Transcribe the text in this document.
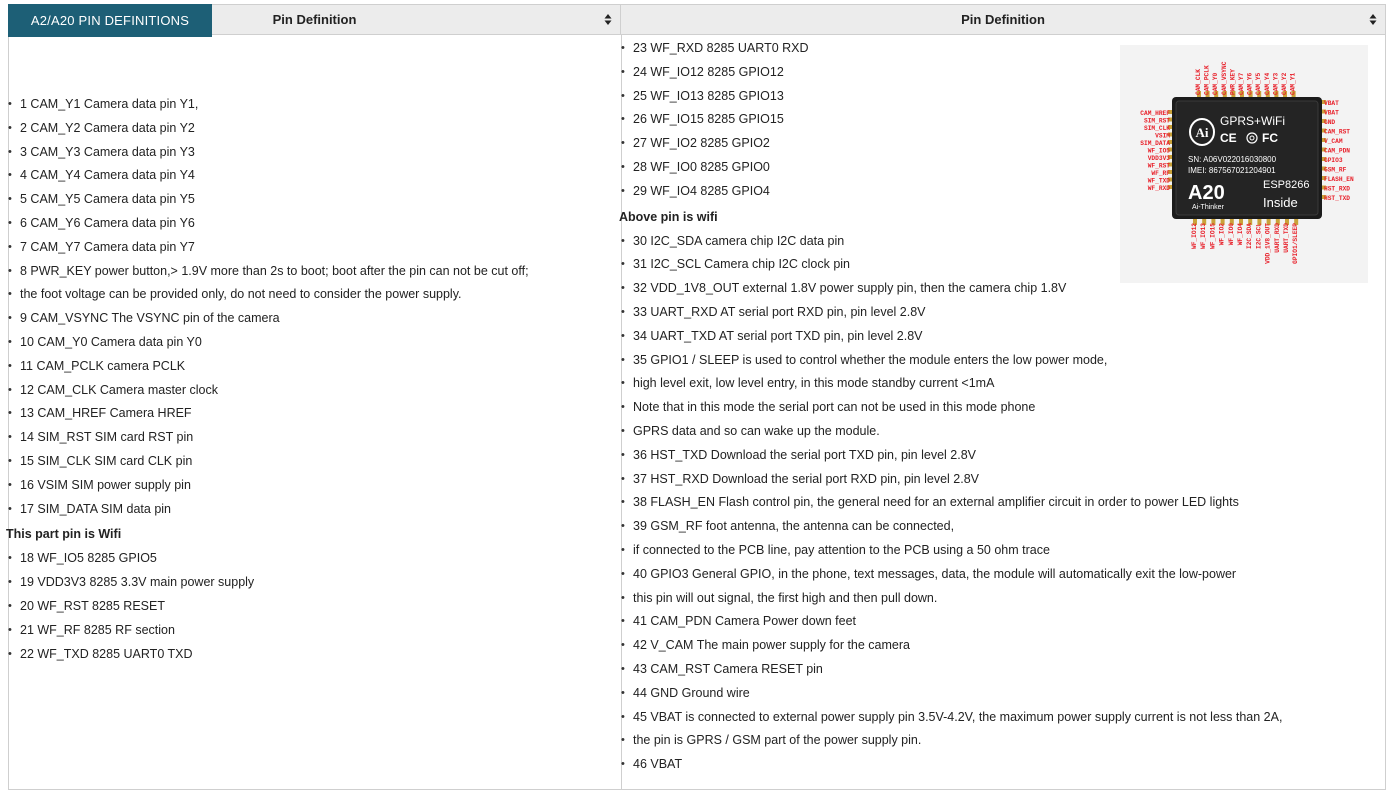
A2/A20 PIN DEFINITIONS	Pin Definition	Pin Definition
• 1 CAM_Y1 Camera data pin Y1,
• 2 CAM_Y2 Camera data pin Y2
• 3 CAM_Y3 Camera data pin Y3
• 4 CAM_Y4 Camera data pin Y4
• 5 CAM_Y5 Camera data pin Y5
• 6 CAM_Y6 Camera data pin Y6
• 7 CAM_Y7 Camera data pin Y7
• 8 PWR_KEY power button,> 1.9V more than 2s to boot; boot after the pin can not be cut off;
• the foot voltage can be provided only, do not need to consider the power supply.
• 9 CAM_VSYNC The VSYNC pin of the camera
• 10 CAM_Y0 Camera data pin Y0
• 11 CAM_PCLK camera PCLK
• 12 CAM_CLK Camera master clock
• 13 CAM_HREF Camera HREF
• 14 SIM_RST SIM card RST pin
• 15 SIM_CLK SIM card CLK pin
• 16 VSIM SIM power supply pin
• 17 SIM_DATA SIM data pin
This part pin is Wifi
• 18 WF_IO5 8285 GPIO5
• 19 VDD3V3 8285 3.3V main power supply
• 20 WF_RST 8285 RESET
• 21 WF_RF 8285 RF section
• 22 WF_TXD 8285 UART0 TXD
• 23 WF_RXD 8285 UART0 RXD
• 24 WF_IO12 8285 GPIO12
• 25 WF_IO13 8285 GPIO13
• 26 WF_IO15 8285 GPIO15
• 27 WF_IO2 8285 GPIO2
• 28 WF_IO0 8285 GPIO0
• 29 WF_IO4 8285 GPIO4
Above pin is wifi
• 30 I2C_SDA camera chip I2C data pin
• 31 I2C_SCL Camera chip I2C clock pin
• 32 VDD_1V8_OUT external 1.8V power supply pin, then the camera chip 1.8V
• 33 UART_RXD AT serial port RXD pin, pin level 2.8V
• 34 UART_TXD AT serial port TXD pin, pin level 2.8V
• 35 GPIO1 / SLEEP is used to control whether the module enters the low power mode,
• high level exit, low level entry, in this mode standby current <1mA
• Note that in this mode the serial port can not be used in this mode phone
• GPRS data and so can wake up the module.
• 36 HST_TXD Download the serial port TXD pin, pin level 2.8V
• 37 HST_RXD Download the serial port RXD pin, pin level 2.8V
• 38 FLASH_EN Flash control pin, the general need for an external amplifier circuit in order to power LED lights
• 39 GSM_RF foot antenna, the antenna can be connected,
• if connected to the PCB line, pay attention to the PCB using a 50 ohm trace
• 40 GPIO3 General GPIO, in the phone, text messages, data, the module will automatically exit the low-power
• this pin will out signal, the first high and then pull down.
• 41 CAM_PDN Camera Power down feet
• 42 V_CAM The main power supply for the camera
• 43 CAM_RST Camera RESET pin
• 44 GND Ground wire
• 45 VBAT is connected to external power supply pin 3.5V-4.2V, the maximum power supply current is not less than 2A,
• the pin is GPRS / GSM part of the power supply pin.
• 46 VBAT
Ai
GPRS+WiFi
CE FC
SN: A06V022016030800
IMEI: 867567021204901
A20	ESP8266
Ai-Thinker	Inside
CAM_CLK CAM_PCLK CAM_Y0 CAM_VSYNC PWR_KEY CAM_Y7 CAM_Y6 CAM_Y5 CAM_Y4 CAM_Y3 CAM_Y2 CAM_Y1
WF_IO12 WF_IO13 WF_IO15 WF_IO2 WF_IO0 WF_IO4 I2C_SDA I2C_SCL VDD_1V8_OUT UART_RXD UART_TXD GPIO1/SLEEP
CAM_HREF
SIM_RST
SIM_CLK
VSIM
SIM_DATA
WF_IO5
VDD3V3
WF_RST
WF_RF
WF_TXD
WF_RXD
VBAT
VBAT
GND
CAM_RST
V_CAM
CAM_PDN
GPIO3
GSM_RF
FLASH_EN
HST_RXD
HST_TXD
